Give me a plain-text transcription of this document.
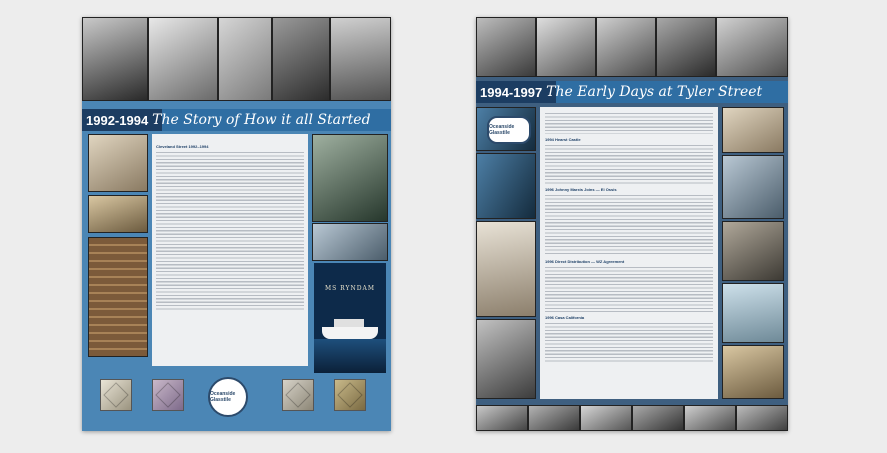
1992-1994 The Story of How it all Started

Cleveland Street 1992–1994
MS RYNDAM
Oceanside Glasstile
1994-1997 The Early Days at Tyler Street
Oceanside Glasstile
1994 Hearst Castle
1996 Johnny Marxis Joins — El Ossis
1996 Direct Distribution — WZ Agreement
1996 Casa California
